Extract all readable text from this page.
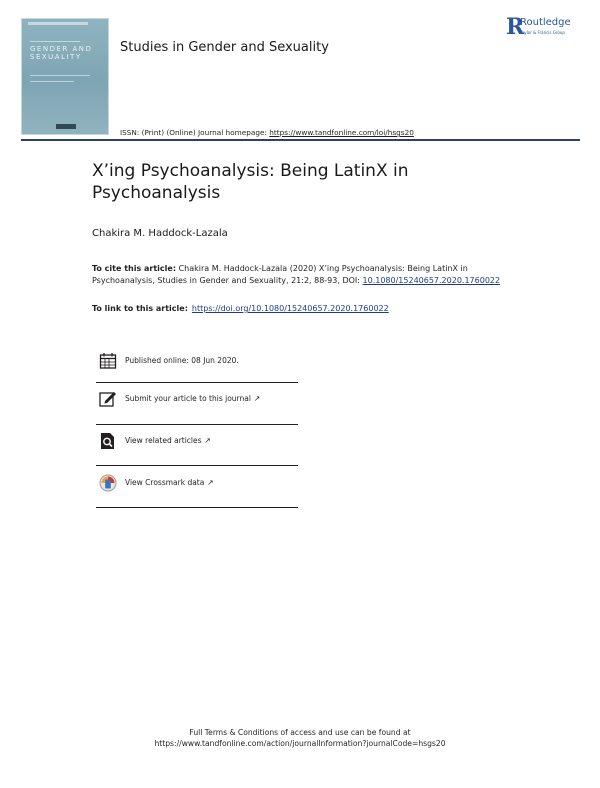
GENDER AND SEXUALITY
Studies in Gender and Sexuality
R
Routledge
Taylor & Francis Group
ISSN: (Print) (Online) Journal homepage: https://www.tandfonline.com/loi/hsgs20
X’ing Psychoanalysis: Being LatinX in Psychoanalysis
Chakira M. Haddock-Lazala
To cite this article: Chakira M. Haddock-Lazala (2020) X’ing Psychoanalysis: Being LatinX in Psychoanalysis, Studies in Gender and Sexuality, 21:2, 88-93, DOI: 10.1080/15240657.2020.1760022
To link to this article: https://doi.org/10.1080/15240657.2020.1760022
Published online: 08 Jun 2020.
Submit your article to this journal ↗
View related articles ↗
View Crossmark data ↗
Full Terms & Conditions of access and use can be found at
https://www.tandfonline.com/action/journalInformation?journalCode=hsgs20
